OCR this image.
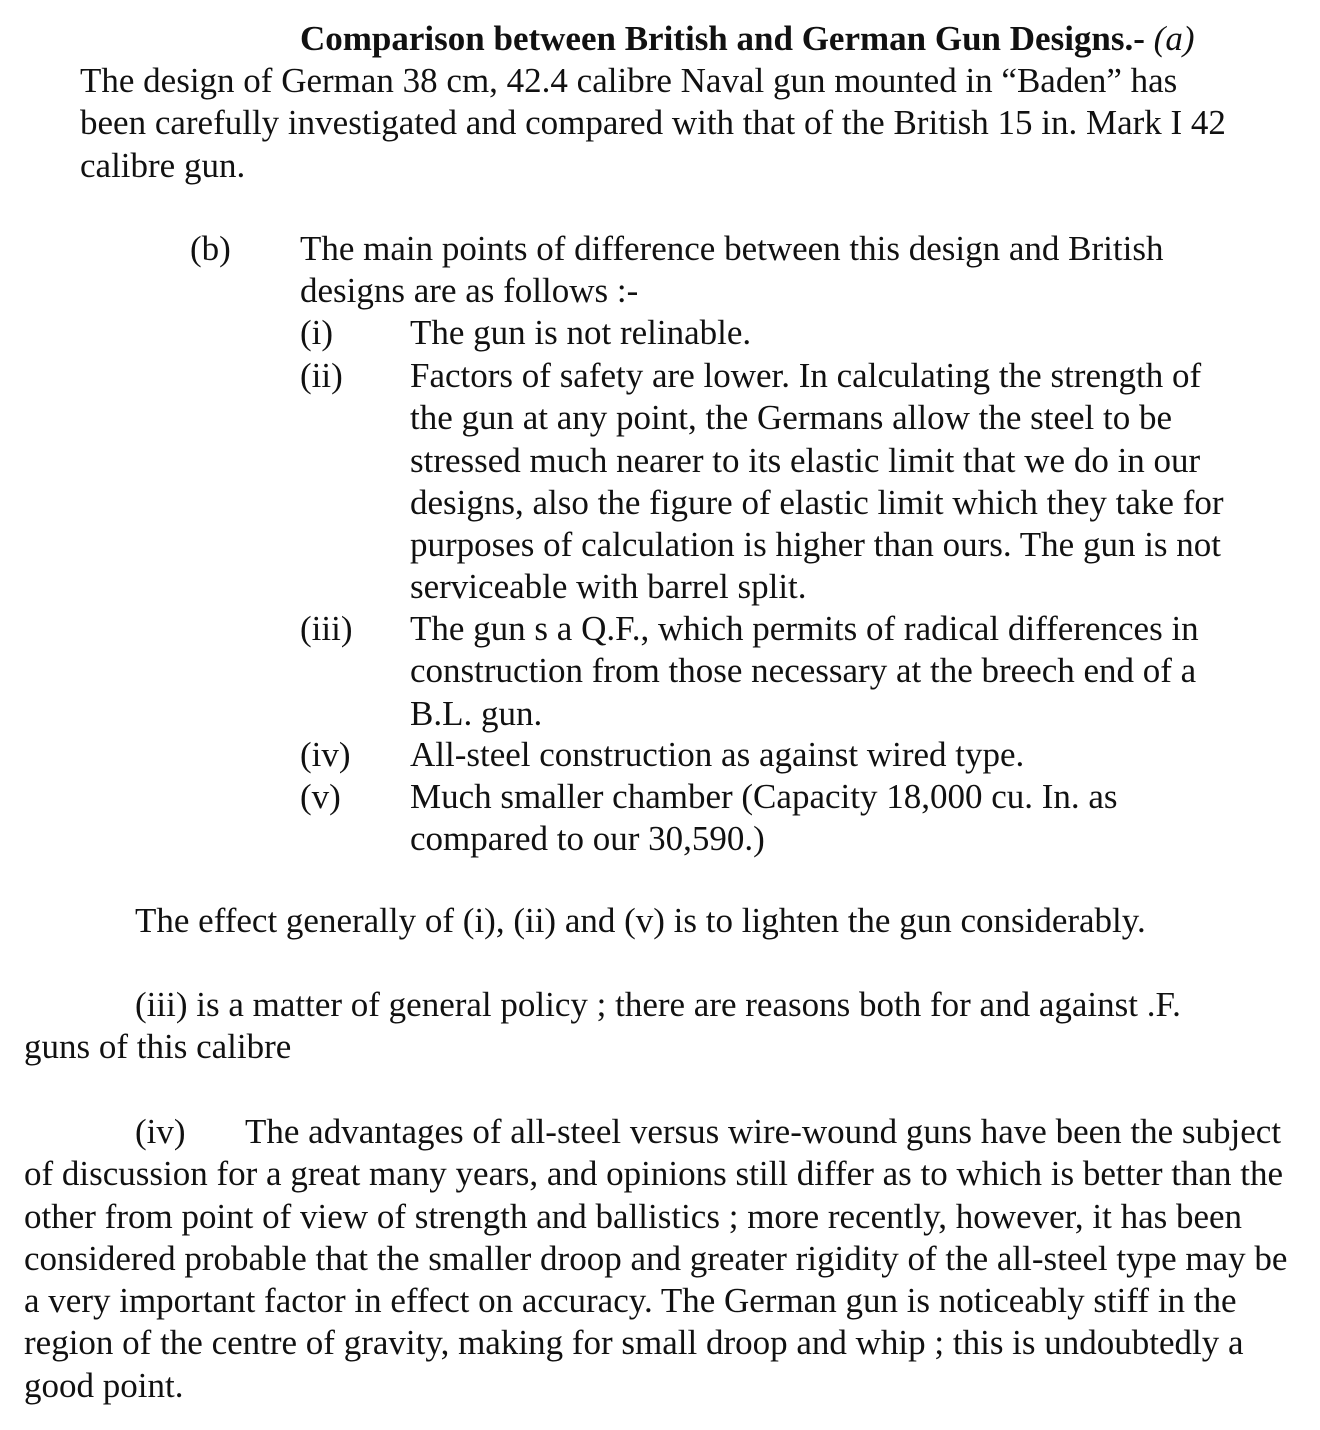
Comparison between British and German Gun Designs.- (a)

The design of German 38 cm, 42.4 calibre Naval gun mounted in “Baden” has been carefully investigated and compared with that of the British 15 in. Mark I 42 calibre gun.

(b) The main points of difference between this design and British designs are as follows :-

(i) The gun is not relinable.

(ii) Factors of safety are lower. In calculating the strength of the gun at any point, the Germans allow the steel to be stressed much nearer to its elastic limit that we do in our designs, also the figure of elastic limit which they take for purposes of calculation is higher than ours. The gun is not serviceable with barrel split.

(iii) The gun s a Q.F., which permits of radical differences in construction from those necessary at the breech end of a B.L. gun.

(iv) All-steel construction as against wired type.

(v) Much smaller chamber (Capacity 18,000 cu. In. as compared to our 30,590.)

The effect generally of (i), (ii) and (v) is to lighten the gun considerably.

(iii) is a matter of general policy ; there are reasons both for and against .F. guns of this calibre

(iv) The advantages of all-steel versus wire-wound guns have been the subject of discussion for a great many years, and opinions still differ as to which is better than the other from point of view of strength and ballistics ; more recently, however, it has been considered probable that the smaller droop and greater rigidity of the all-steel type may be a very important factor in effect on accuracy. The German gun is noticeably stiff in the region of the centre of gravity, making for small droop and whip ; this is undoubtedly a good point.
